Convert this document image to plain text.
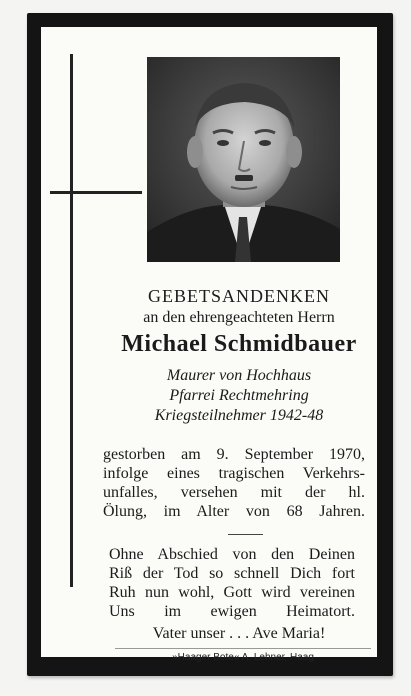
GEBETSANDENKEN
an den ehrengeachteten Herrn
Michael Schmidbauer
Maurer von Hochhaus
Pfarrei Rechtmehring
Kriegsteilnehmer 1942-48
gestorben am 9. September 1970,
infolge eines tragischen Verkehrs-
unfalles, versehen mit der hl.
Ölung, im Alter von 68 Jahren.
Ohne Abschied von den Deinen
Riß der Tod so schnell Dich fort
Ruh nun wohl, Gott wird vereinen
Uns im ewigen Heimatort.
Vater unser . . . Ave Maria!
»Haager Bote« A. Lehner, Haag
